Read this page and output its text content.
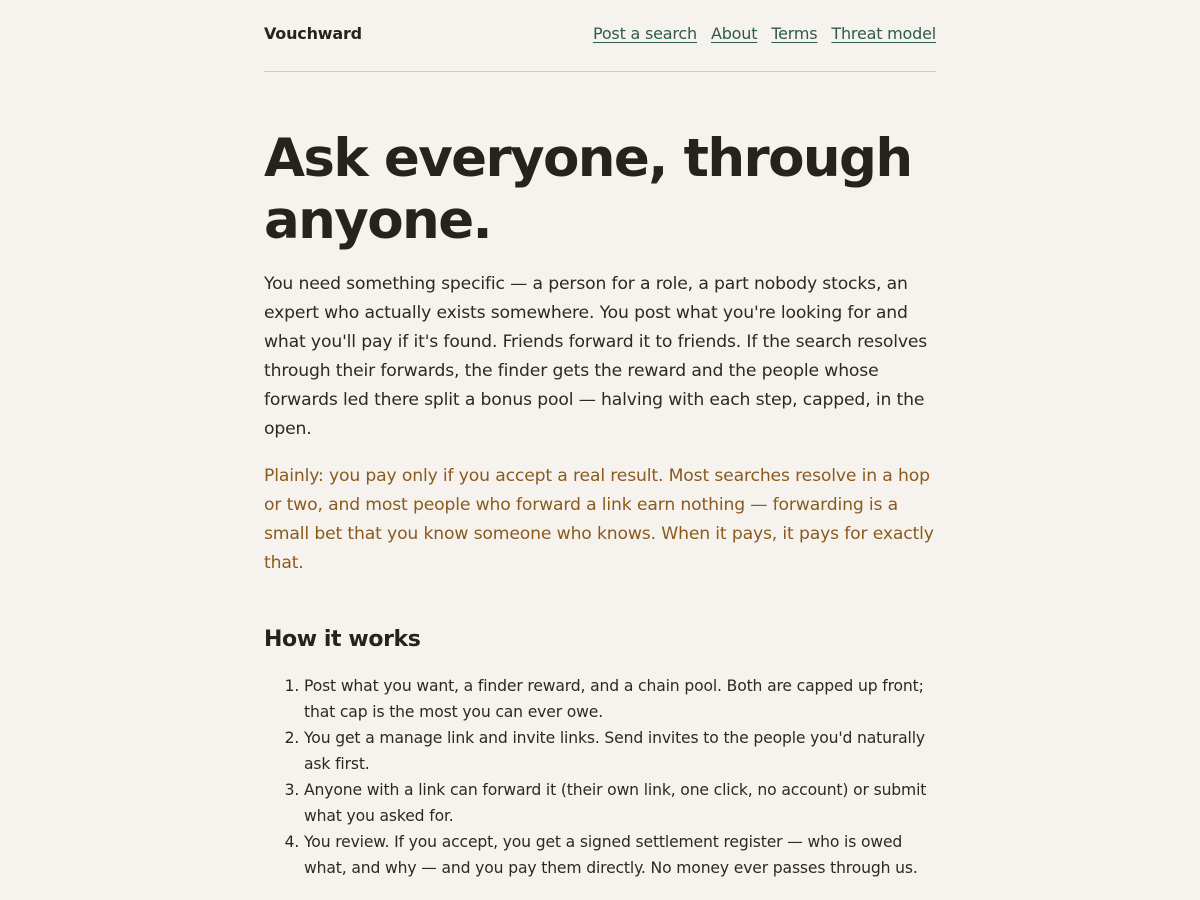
Vouchward	Post a search About Terms Threat model
Ask everyone, through anyone.

You need something specific — a person for a role, a part nobody stocks, an expert who actually exists somewhere. You post what you're looking for and what you'll pay if it's found. Friends forward it to friends. If the search resolves through their forwards, the finder gets the reward and the people whose forwards led there split a bonus pool — halving with each step, capped, in the open.

Plainly: you pay only if you accept a real result. Most searches resolve in a hop or two, and most people who forward a link earn nothing — forwarding is a small bet that you know someone who knows. When it pays, it pays for exactly that.

How it works
1. Post what you want, a finder reward, and a chain pool. Both are capped up front; that cap is the most you can ever owe.
2. You get a manage link and invite links. Send invites to the people you'd naturally ask first.
3. Anyone with a link can forward it (their own link, one click, no account) or submit what you asked for.
4. You review. If you accept, you get a signed settlement register — who is owed what, and why — and you pay them directly. No money ever passes through us.
